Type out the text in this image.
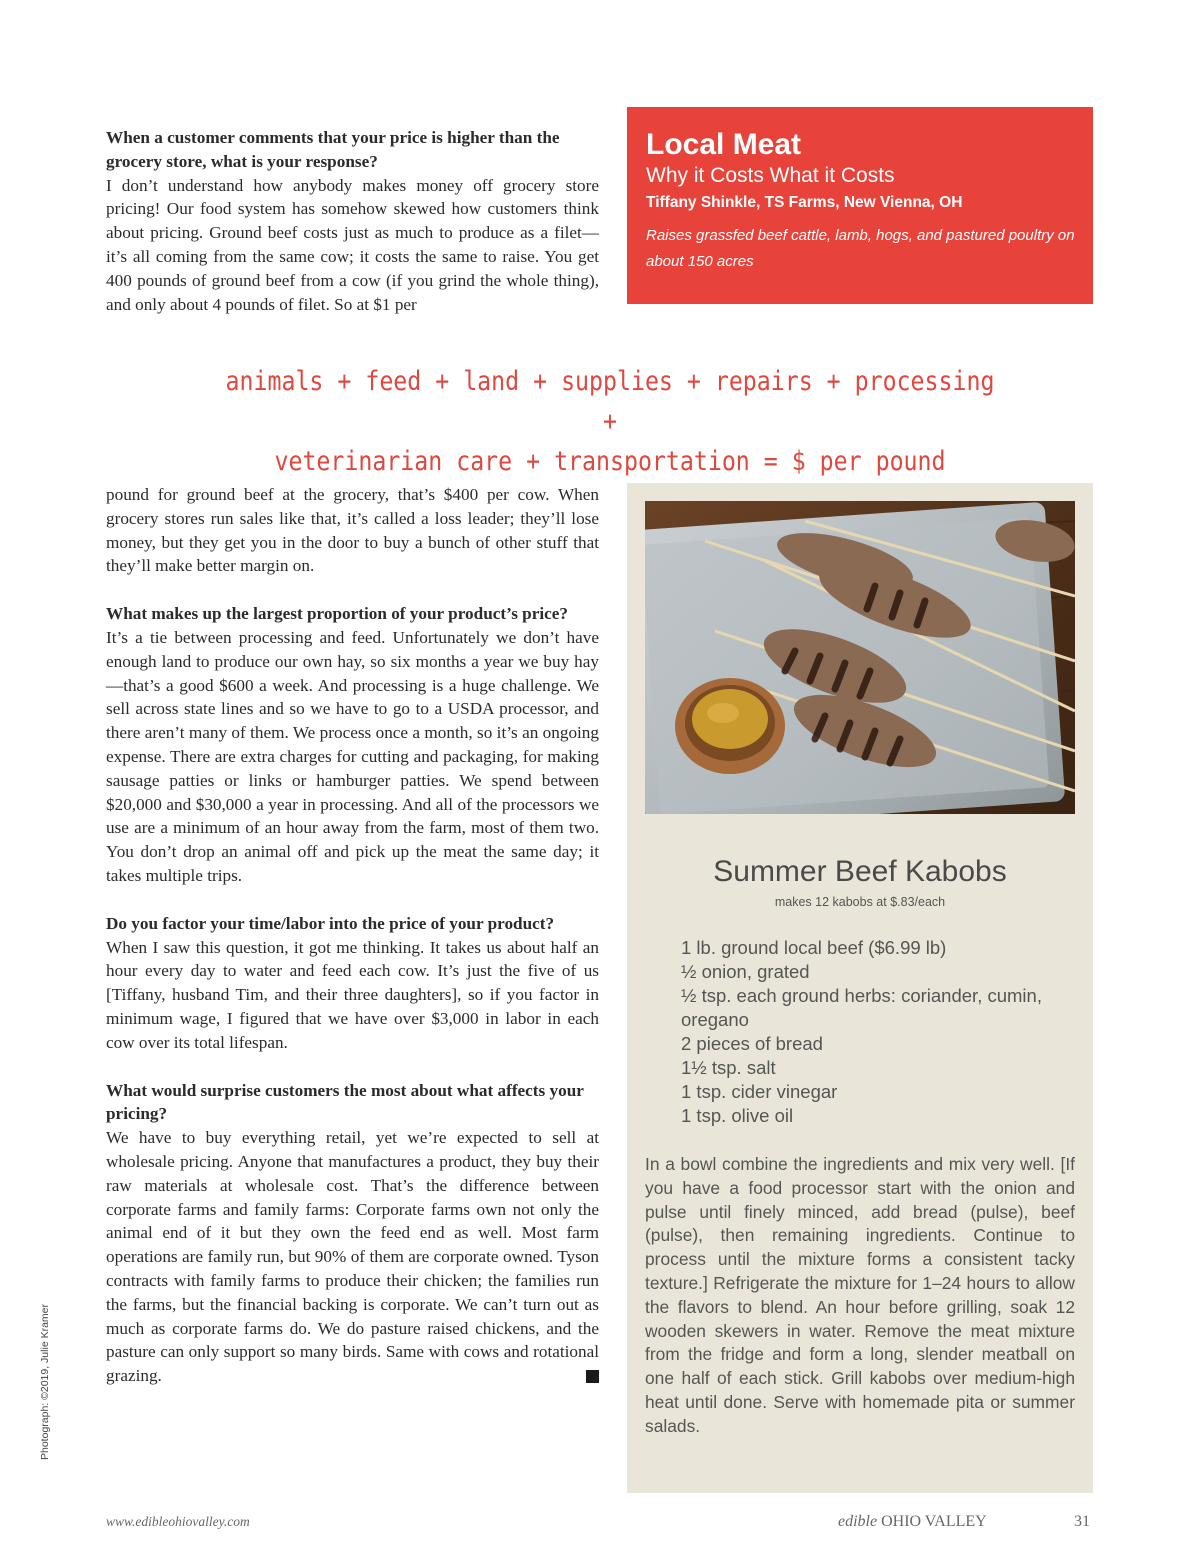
When a customer comments that your price is higher than the grocery store, what is your response?

I don’t understand how anybody makes money off grocery store pricing! Our food system has somehow skewed how customers think about pricing. Ground beef costs just as much to produce as a filet—it’s all coming from the same cow; it costs the same to raise. You get 400 pounds of ground beef from a cow (if you grind the whole thing), and only about 4 pounds of filet. So at $1 per

Local Meat
Why it Costs What it Costs
Tiffany Shinkle, TS Farms, New Vienna, OH
Raises grassfed beef cattle, lamb, hogs, and pastured poultry on about 150 acres
animals + feed + land + supplies + repairs + processing +
veterinarian care + transportation = $ per pound

pound for ground beef at the grocery, that’s $400 per cow. When grocery stores run sales like that, it’s called a loss leader; they’ll lose money, but they get you in the door to buy a bunch of other stuff that they’ll make better margin on.

What makes up the largest proportion of your product’s price?

It’s a tie between processing and feed. Unfortunately we don’t have enough land to produce our own hay, so six months a year we buy hay—that’s a good $600 a week. And processing is a huge challenge. We sell across state lines and so we have to go to a USDA processor, and there aren’t many of them. We process once a month, so it’s an ongoing expense. There are extra charges for cutting and packaging, for making sausage patties or links or hamburger patties. We spend between $20,000 and $30,000 a year in processing. And all of the processors we use are a minimum of an hour away from the farm, most of them two. You don’t drop an animal off and pick up the meat the same day; it takes multiple trips.

Do you factor your time/labor into the price of your product?

When I saw this question, it got me thinking. It takes us about half an hour every day to water and feed each cow. It’s just the five of us [Tiffany, husband Tim, and their three daughters], so if you factor in minimum wage, I figured that we have over $3,000 in labor in each cow over its total lifespan.

What would surprise customers the most about what affects your pricing?

We have to buy everything retail, yet we’re expected to sell at wholesale pricing. Anyone that manufactures a product, they buy their raw materials at wholesale cost. That’s the difference between corporate farms and family farms: Corporate farms own not only the animal end of it but they own the feed end as well. Most farm operations are family run, but 90% of them are corporate owned. Tyson contracts with family farms to produce their chicken; the families run the farms, but the financial backing is corporate. We can’t turn out as much as corporate farms do. We do pasture raised chickens, and the pasture can only support so many birds. Same with cows and rotational grazing.

Summer Beef Kabobs
makes 12 kabobs at $.83/each
1 lb. ground local beef ($6.99 lb)
½ onion, grated
½ tsp. each ground herbs: coriander, cumin, oregano
2 pieces of bread
1½ tsp. salt
1 tsp. cider vinegar
1 tsp. olive oil
In a bowl combine the ingredients and mix very well. [If you have a food processor start with the onion and pulse until finely minced, add bread (pulse), beef (pulse), then remaining ingredients. Continue to process until the mixture forms a consistent tacky texture.] Refrigerate the mixture for 1–24 hours to allow the flavors to blend. An hour before grilling, soak 12 wooden skewers in water. Remove the meat mixture from the fridge and form a long, slender meatball on one half of each stick. Grill kabobs over medium-high heat until done. Serve with homemade pita or summer salads.
Photograph: ©2019, Julie Kramer
www.edibleohiovalley.com	edible OHIO VALLEY	31
